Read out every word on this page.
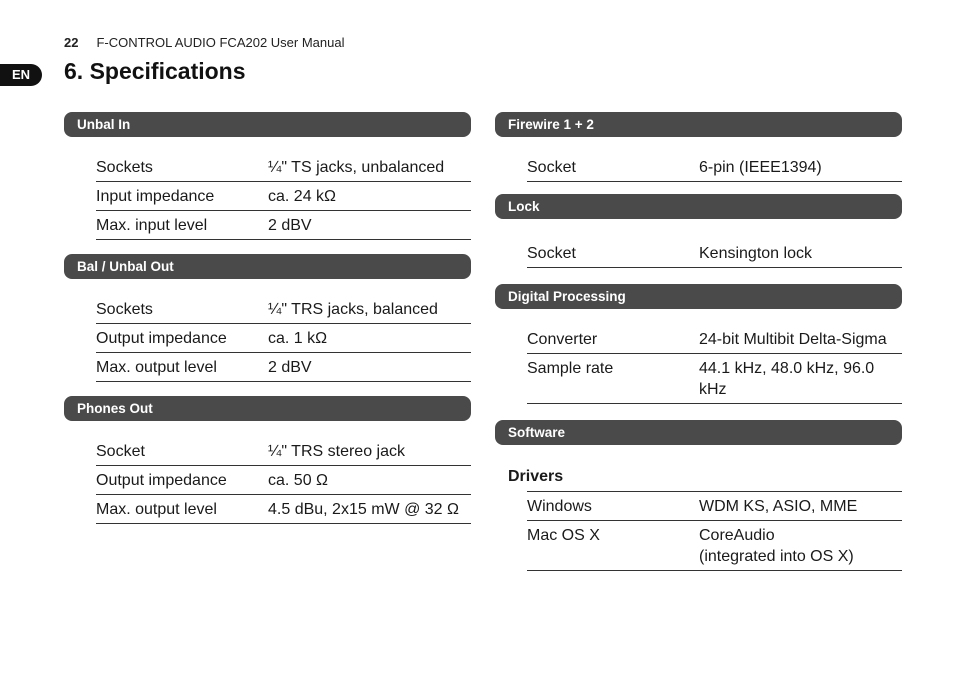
22 F-CONTROL AUDIO FCA202 User Manual
EN	6. Specifications
Unbal In
Sockets	¼" TS jacks, unbalanced
Input impedance	ca. 24 kΩ
Max. input level	2 dBV
Bal / Unbal Out
Sockets	¼" TRS jacks, balanced
Output impedance	ca. 1 kΩ
Max. output level	2 dBV
Phones Out
Socket	¼" TRS stereo jack
Output impedance	ca. 50 Ω
Max. output level	4.5 dBu, 2x15 mW @ 32 Ω
Firewire 1 + 2
Socket	6-pin (IEEE1394)
Lock
Socket	Kensington lock
Digital Processing
Converter	24-bit Multibit Delta-Sigma
Sample rate	44.1 kHz, 48.0 kHz, 96.0 kHz
Software
Drivers
Windows	WDM KS, ASIO, MME
Mac OS X	CoreAudio
(integrated into OS X)
